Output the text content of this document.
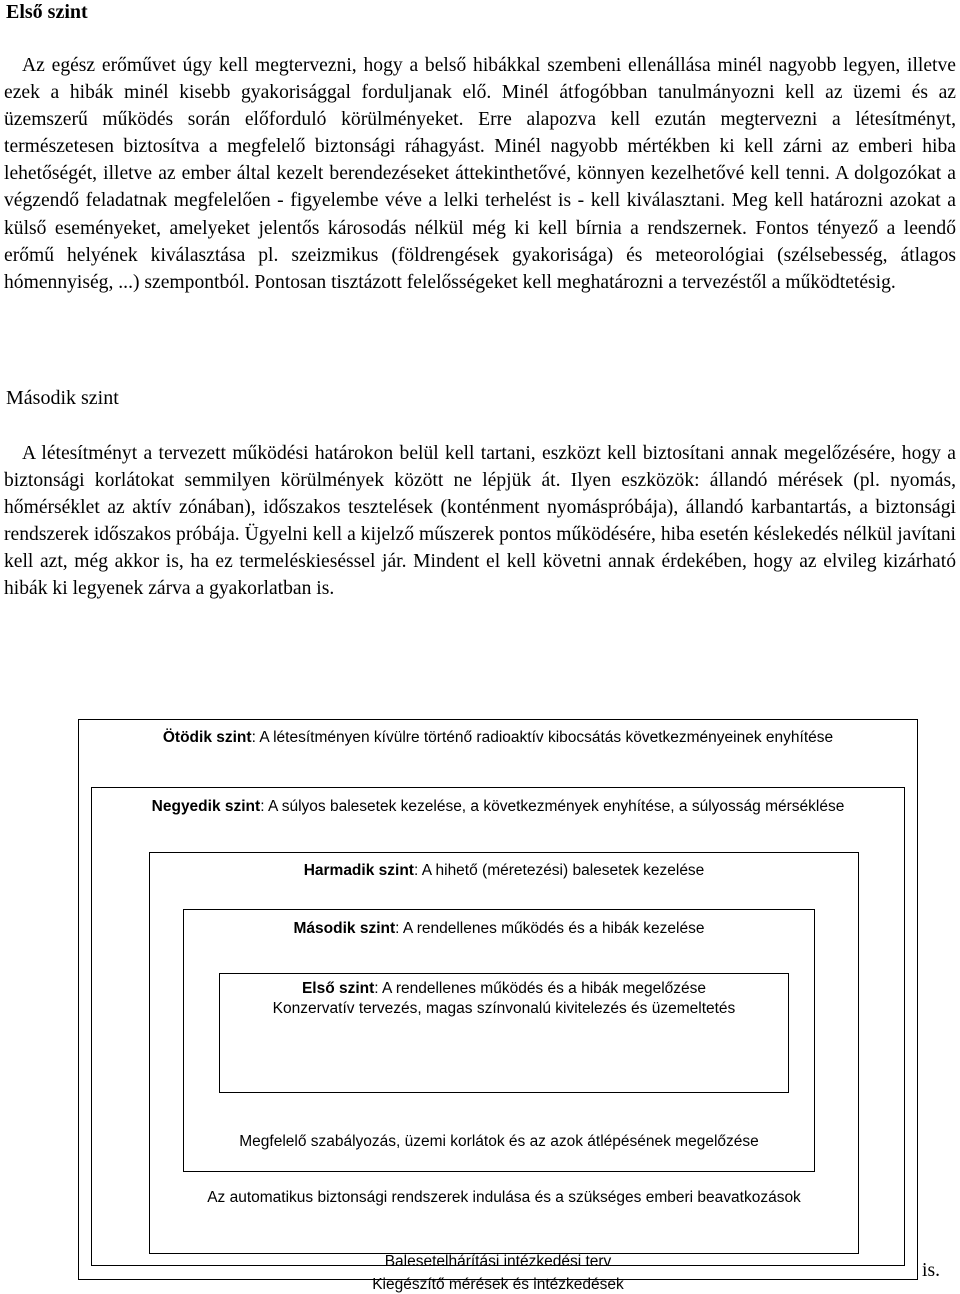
Első szint

Az egész erőművet úgy kell megtervezni, hogy a belső hibákkal szembeni ellenállása minél nagyobb legyen, illetve ezek a hibák minél kisebb gyakorisággal forduljanak elő. Minél átfogóbban tanulmányozni kell az üzemi és az üzemszerű működés során előforduló körülményeket. Erre alapozva kell ezután megtervezni a létesítményt, természetesen biztosítva a megfelelő biztonsági ráhagyást. Minél nagyobb mértékben ki kell zárni az emberi hiba lehetőségét, illetve az ember által kezelt berendezéseket áttekinthetővé, könnyen kezelhetővé kell tenni. A dolgozókat a végzendő feladatnak megfelelően - figyelembe véve a lelki terhelést is - kell kiválasztani. Meg kell határozni azokat a külső eseményeket, amelyeket jelentős károsodás nélkül még ki kell bírnia a rendszernek. Fontos tényező a leendő erőmű helyének kiválasztása pl. szeizmikus (földrengések gyakorisága) és meteorológiai (szélsebesség, átlagos hómennyiség, ...) szempontból. Pontosan tisztázott felelősségeket kell meghatározni a tervezéstől a működtetésig.

Második szint

A létesítményt a tervezett működési határokon belül kell tartani, eszközt kell biztosítani annak megelőzésére, hogy a biztonsági korlátokat semmilyen körülmények között ne lépjük át. Ilyen eszközök: állandó mérések (pl. nyomás, hőmérséklet az aktív zónában), időszakos tesztelések (konténment nyomáspróbája), állandó karbantartás, a biztonsági rendszerek időszakos próbája. Ügyelni kell a kijelző műszerek pontos működésére, hiba esetén késlekedés nélkül javítani kell azt, még akkor is, ha ez termeléskieséssel jár. Mindent el kell követni annak érdekében, hogy az elvileg kizárható hibák ki legyenek zárva a gyakorlatban is.

Ötödik szint: A létesítményen kívülre történő radioaktív kibocsátás következményeinek enyhítése
Negyedik szint: A súlyos balesetek kezelése, a következmények enyhítése, a súlyosság mérséklése
Harmadik szint: A hihető (méretezési) balesetek kezelése
Második szint: A rendellenes működés és a hibák kezelése
Első szint: A rendellenes működés és a hibák megelőzése
Konzervatív tervezés, magas színvonalú kivitelezés és üzemeltetés
Megfelelő szabályozás, üzemi korlátok és az azok átlépésének megelőzése
Az automatikus biztonsági rendszerek indulása és a szükséges emberi beavatkozások
Kiegészítő mérések és intézkedések
Balesetelhárítási intézkedési terv	is.
